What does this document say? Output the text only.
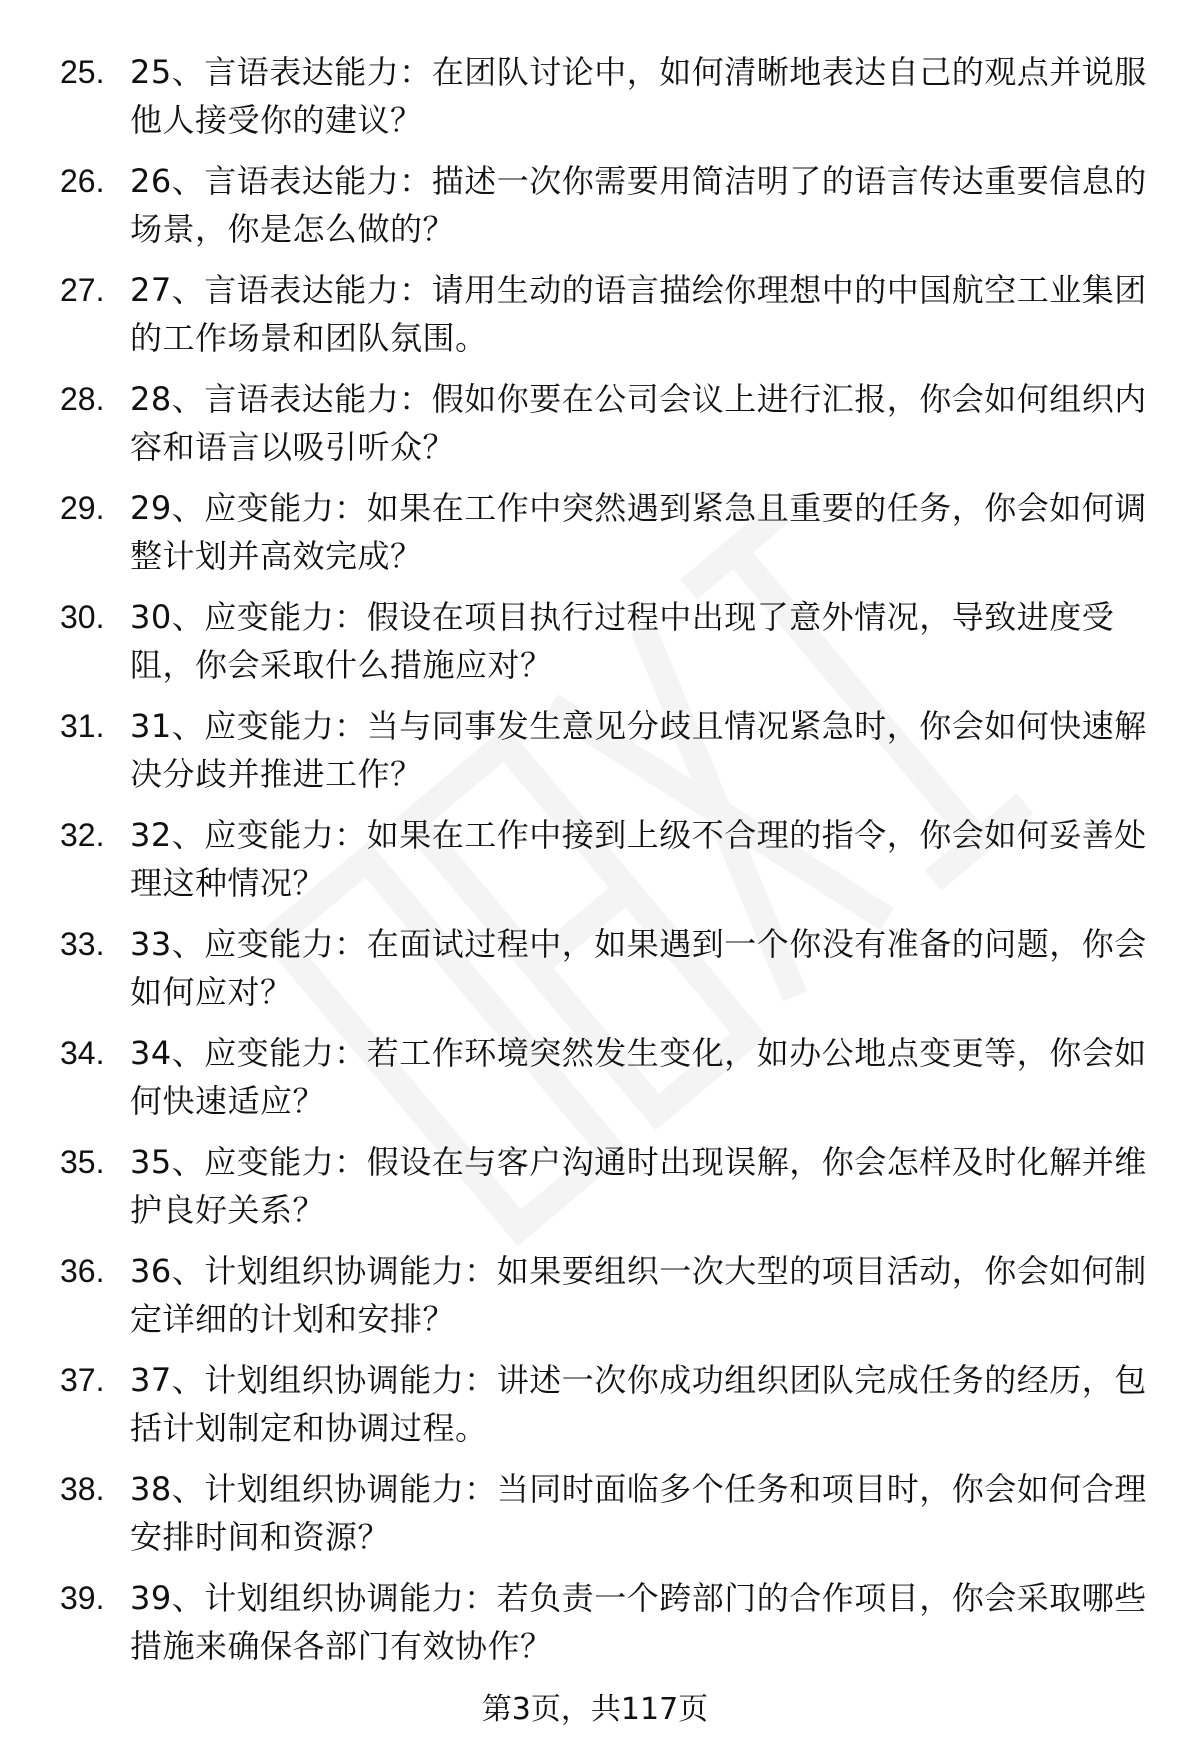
25. 25、言语表达能力：在团队讨论中，如何清晰地表达自己的观点并说服他人接受你的建议？
26. 26、言语表达能力：描述一次你需要用简洁明了的语言传达重要信息的场景，你是怎么做的？
27. 27、言语表达能力：请用生动的语言描绘你理想中的中国航空工业集团的工作场景和团队氛围。
28. 28、言语表达能力：假如你要在公司会议上进行汇报，你会如何组织内容和语言以吸引听众？
29. 29、应变能力：如果在工作中突然遇到紧急且重要的任务，你会如何调整计划并高效完成？
30. 30、应变能力：假设在项目执行过程中出现了意外情况，导致进度受阻，你会采取什么措施应对？
31. 31、应变能力：当与同事发生意见分歧且情况紧急时，你会如何快速解决分歧并推进工作？
32. 32、应变能力：如果在工作中接到上级不合理的指令，你会如何妥善处理这种情况？
33. 33、应变能力：在面试过程中，如果遇到一个你没有准备的问题，你会如何应对？
34. 34、应变能力：若工作环境突然发生变化，如办公地点变更等，你会如何快速适应？
35. 35、应变能力：假设在与客户沟通时出现误解，你会怎样及时化解并维护良好关系？
36. 36、计划组织协调能力：如果要组织一次大型的项目活动，你会如何制定详细的计划和安排？
37. 37、计划组织协调能力：讲述一次你成功组织团队完成任务的经历，包括计划制定和协调过程。
38. 38、计划组织协调能力：当同时面临多个任务和项目时，你会如何合理安排时间和资源？
39. 39、计划组织协调能力：若负责一个跨部门的合作项目，你会采取哪些措施来确保各部门有效协作？
第3页，共117页
